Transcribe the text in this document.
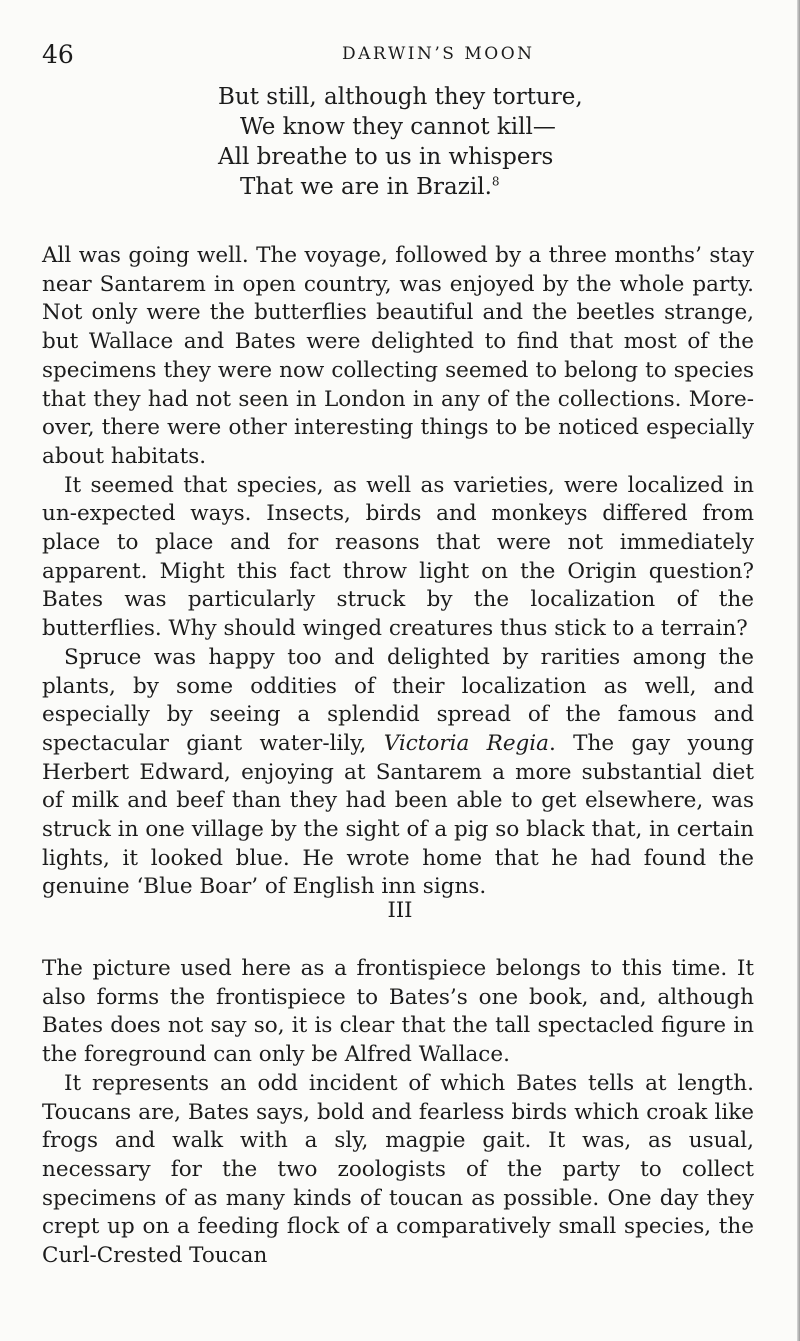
46	DARWIN’S MOON
But still, although they torture,
We know they cannot kill—
All breathe to us in whispers
That we are in Brazil.$^8$

All was going well. The voyage, followed by a three months’ stay near Santarem in open country, was enjoyed by the whole party. Not only were the butterflies beautiful and the beetles strange, but Wallace and Bates were delighted to find that most of the specimens they were now collecting seemed to belong to species that they had not seen in London in any of the collections. More-over, there were other interesting things to be noticed especially about habitats.

It seemed that species, as well as varieties, were localized in un-expected ways. Insects, birds and monkeys differed from place to place and for reasons that were not immediately apparent. Might this fact throw light on the Origin question? Bates was particularly struck by the localization of the butterflies. Why should winged creatures thus stick to a terrain?

Spruce was happy too and delighted by rarities among the plants, by some oddities of their localization as well, and especially by seeing a splendid spread of the famous and spectacular giant water-lily, Victoria Regia. The gay young Herbert Edward, enjoying at Santarem a more substantial diet of milk and beef than they had been able to get elsewhere, was struck in one village by the sight of a pig so black that, in certain lights, it looked blue. He wrote home that he had found the genuine ‘Blue Boar’ of English inn signs.

III

The picture used here as a frontispiece belongs to this time. It also forms the frontispiece to Bates’s one book, and, although Bates does not say so, it is clear that the tall spectacled figure in the foreground can only be Alfred Wallace.

It represents an odd incident of which Bates tells at length. Toucans are, Bates says, bold and fearless birds which croak like frogs and walk with a sly, magpie gait. It was, as usual, necessary for the two zoologists of the party to collect specimens of as many kinds of toucan as possible. One day they crept up on a feeding flock of a comparatively small species, the Curl-Crested Toucan
